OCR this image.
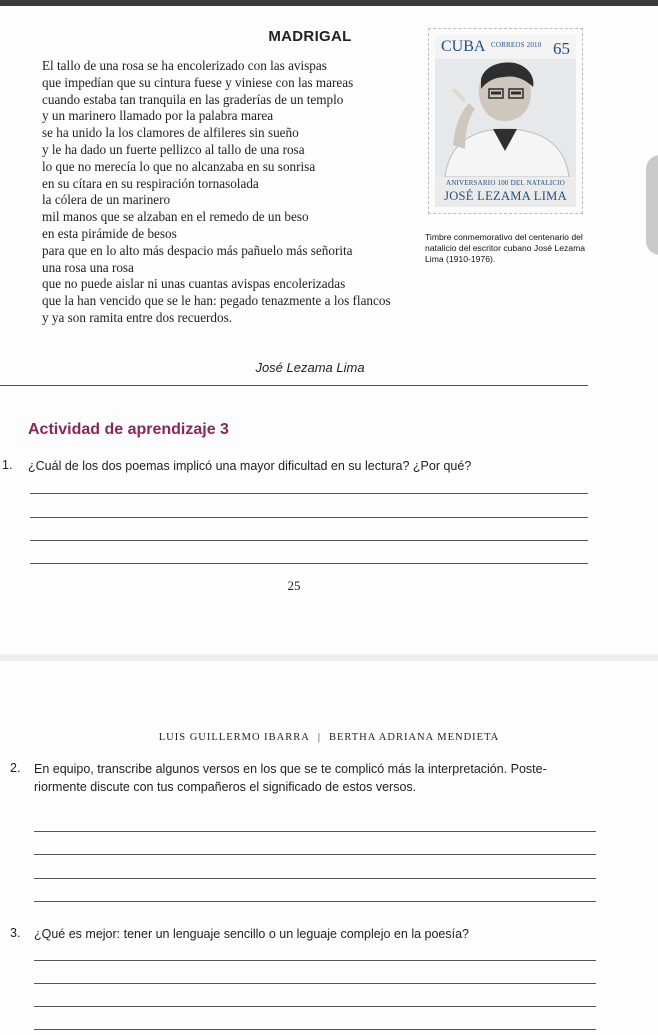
MADRIGAL
El tallo de una rosa se ha encolerizado con las avispas
que impedían que su cintura fuese y viniese con las mareas
cuando estaba tan tranquila en las graderías de un templo
y un marinero llamado por la palabra marea
se ha unido la los clamores de alfileres sin sueño
y le ha dado un fuerte pellizco al tallo de una rosa
lo que no merecía lo que no alcanzaba en su sonrisa
en su cítara en su respiración tornasolada
la cólera de un marinero
mil manos que se alzaban en el remedo de un beso
en esta pirámide de besos
para que en lo alto más despacio más pañuelo más señorita
una rosa una rosa
que no puede aislar ni unas cuantas avispas encolerizadas
que la han vencido que se le han: pegado tenazmente a los flancos
y ya son ramita entre dos recuerdos.
José Lezama Lima
CUBA CORREOS 2010 65
ANIVERSARIO 100 DEL NATALICIO
JOSÉ LEZAMA LIMA
Timbre conmemorativo del centenario del natalicio del escritor cubano José Lezama Lima (1910-1976).
Actividad de aprendizaje 3
1. ¿Cuál de los dos poemas implicó una mayor dificultad en su lectura? ¿Por qué?
25
LUIS GUILLERMO IBARRA | BERTHA ADRIANA MENDIETA
2. En equipo, transcribe algunos versos en los que se te complicó más la interpretación. Poste-
riormente discute con tus compañeros el significado de estos versos.
3. ¿Qué es mejor: tener un lenguaje sencillo o un leguaje complejo en la poesía?
